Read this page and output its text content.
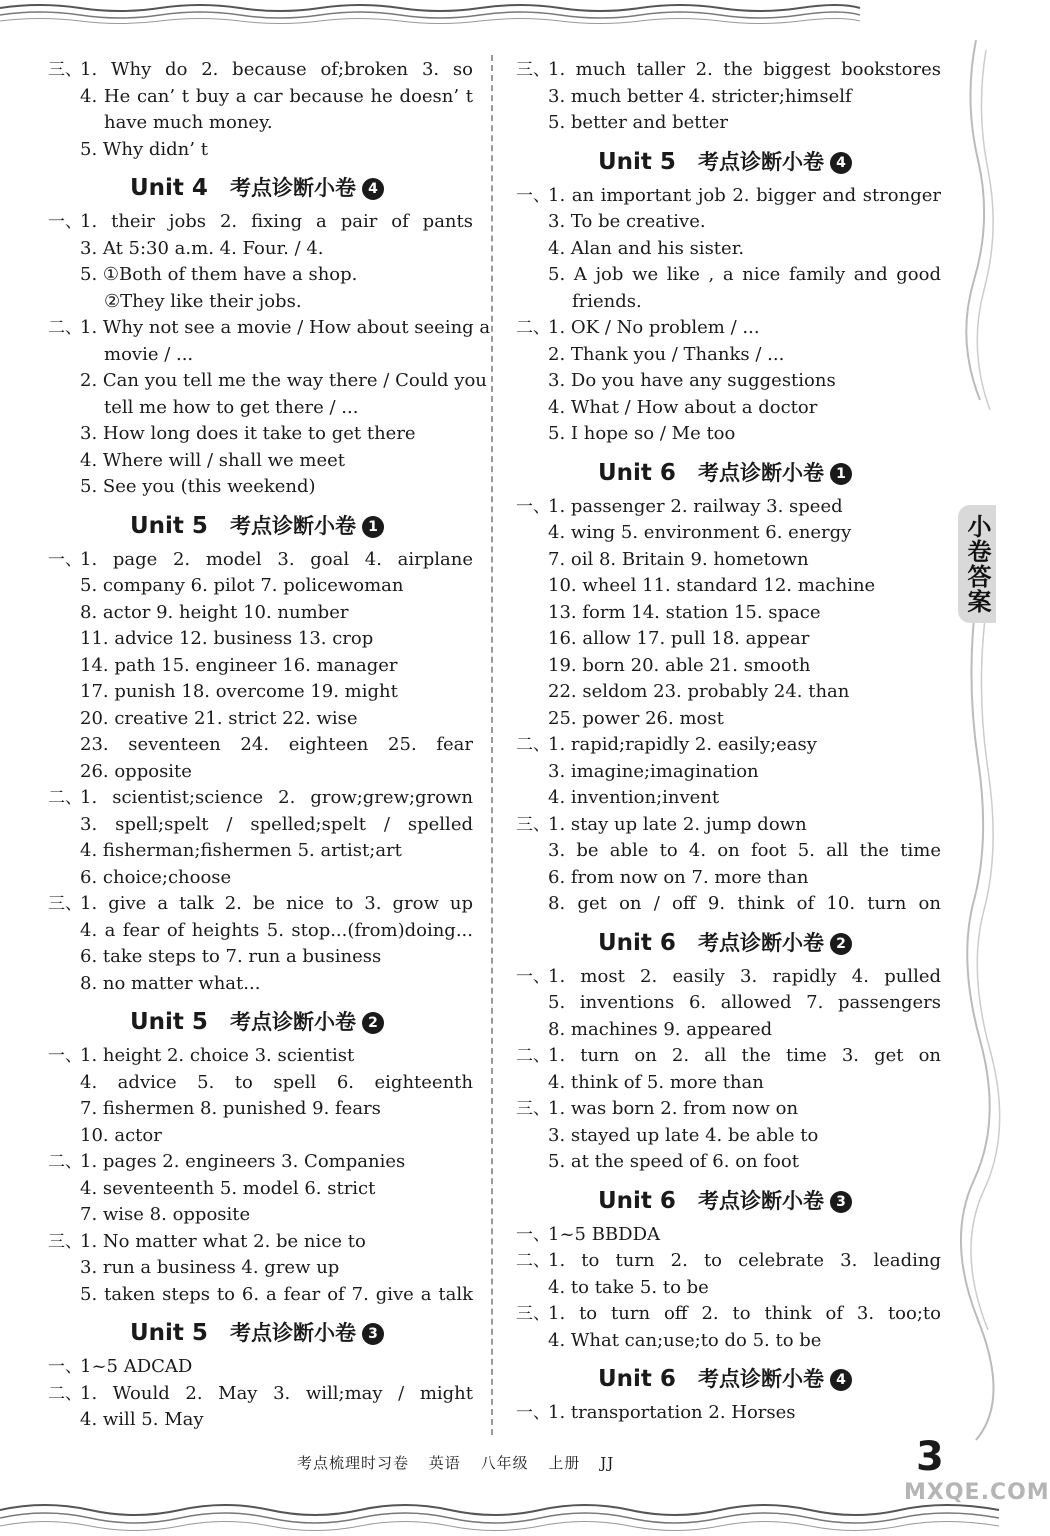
三、
1. Why do 2. because of;broken 3. so
4. He can’ t buy a car because he doesn’ t
have much money.
5. Why didn’ t
Unit 4 考点诊断小卷 4
一、
1. their jobs 2. fixing a pair of pants
3. At 5:30 a.m. 4. Four. / 4.
5. ①Both of them have a shop.
②They like their jobs.
二、
1. Why not see a movie / How about seeing a
movie / ...
2. Can you tell me the way there / Could you
tell me how to get there / ...
3. How long does it take to get there
4. Where will / shall we meet
5. See you (this weekend)
Unit 5 考点诊断小卷 1
一、
1. page 2. model 3. goal 4. airplane
5. company 6. pilot 7. policewoman
8. actor 9. height 10. number
11. advice 12. business 13. crop
14. path 15. engineer 16. manager
17. punish 18. overcome 19. might
20. creative 21. strict 22. wise
23. seventeen 24. eighteen 25. fear
26. opposite
二、
1. scientist;science 2. grow;grew;grown
3. spell;spelt / spelled;spelt / spelled
4. fisherman;fishermen 5. artist;art
6. choice;choose
三、
1. give a talk 2. be nice to 3. grow up
4. a fear of heights 5. stop...(from)doing...
6. take steps to 7. run a business
8. no matter what...
Unit 5 考点诊断小卷 2
一、
1. height 2. choice 3. scientist
4. advice 5. to spell 6. eighteenth
7. fishermen 8. punished 9. fears
10. actor
二、
1. pages 2. engineers 3. Companies
4. seventeenth 5. model 6. strict
7. wise 8. opposite
三、
1. No matter what 2. be nice to
3. run a business 4. grew up
5. taken steps to 6. a fear of 7. give a talk
Unit 5 考点诊断小卷 3
一、
1~5 ADCAD
二、
1. Would 2. May 3. will;may / might
4. will 5. May
三、
1. much taller 2. the biggest bookstores
3. much better 4. stricter;himself
5. better and better
Unit 5 考点诊断小卷 4
一、
1. an important job 2. bigger and stronger
3. To be creative.
4. Alan and his sister.
5. A job we like , a nice family and good
friends.
二、
1. OK / No problem / ...
2. Thank you / Thanks / ...
3. Do you have any suggestions
4. What / How about a doctor
5. I hope so / Me too
Unit 6 考点诊断小卷 1
一、
1. passenger 2. railway 3. speed
4. wing 5. environment 6. energy
7. oil 8. Britain 9. hometown
10. wheel 11. standard 12. machine
13. form 14. station 15. space
16. allow 17. pull 18. appear
19. born 20. able 21. smooth
22. seldom 23. probably 24. than
25. power 26. most
二、
1. rapid;rapidly 2. easily;easy
3. imagine;imagination
4. invention;invent
三、
1. stay up late 2. jump down
3. be able to 4. on foot 5. all the time
6. from now on 7. more than
8. get on / off 9. think of 10. turn on
Unit 6 考点诊断小卷 2
一、
1. most 2. easily 3. rapidly 4. pulled
5. inventions 6. allowed 7. passengers
8. machines 9. appeared
二、
1. turn on 2. all the time 3. get on
4. think of 5. more than
三、
1. was born 2. from now on
3. stayed up late 4. be able to
5. at the speed of 6. on foot
Unit 6 考点诊断小卷 3
一、
1~5 BBDDA
二、
1. to turn 2. to celebrate 3. leading
4. to take 5. to be
三、
1. to turn off 2. to think of 3. too;to
4. What can;use;to do 5. to be
Unit 6 考点诊断小卷 4
一、
1. transportation 2. Horses
小卷答案
考点梳理时习卷 英语 八年级 上册 JJ	3
MXQE.COM
